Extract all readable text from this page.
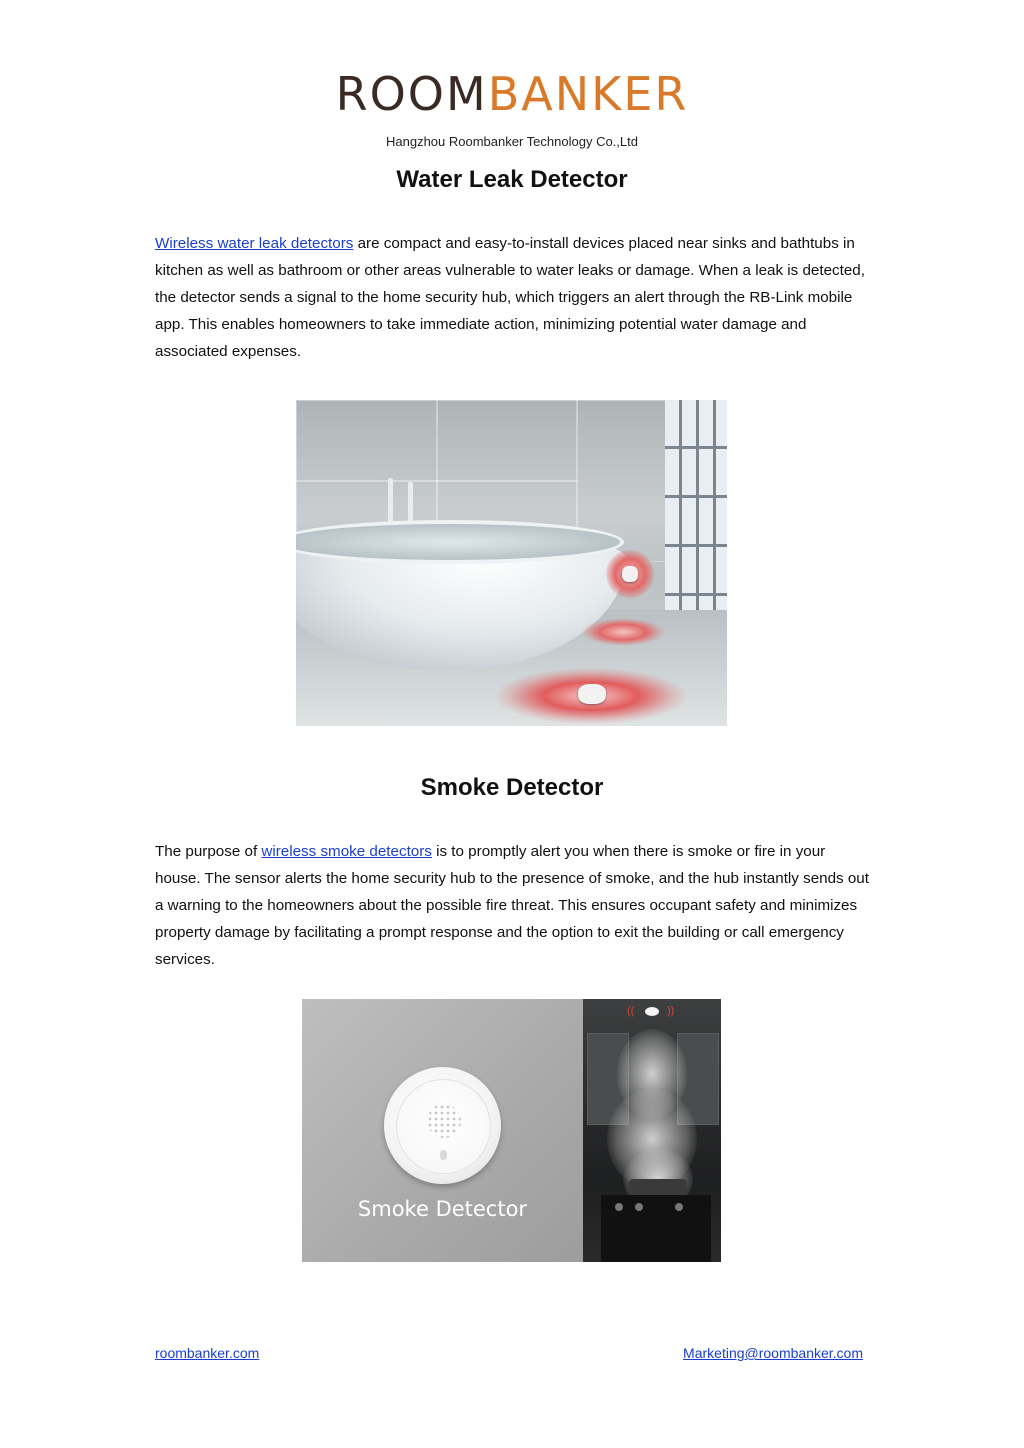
ROOMBANKER
Hangzhou Roombanker Technology Co.,Ltd
Water Leak Detector

Wireless water leak detectors are compact and easy-to-install devices placed near sinks and bathtubs in kitchen as well as bathroom or other areas vulnerable to water leaks or damage. When a leak is detected, the detector sends a signal to the home security hub, which triggers an alert through the RB-Link mobile app. This enables homeowners to take immediate action, minimizing potential water damage and associated expenses.

Smoke Detector

The purpose of wireless smoke detectors is to promptly alert you when there is smoke or fire in your house. The sensor alerts the home security hub to the presence of smoke, and the hub instantly sends out a warning to the homeowners about the possible fire threat. This ensures occupant safety and minimizes property damage by facilitating a prompt response and the option to exit the building or call emergency services.

Smoke Detector
((	))
roombanker.com	Marketing@roombanker.com
